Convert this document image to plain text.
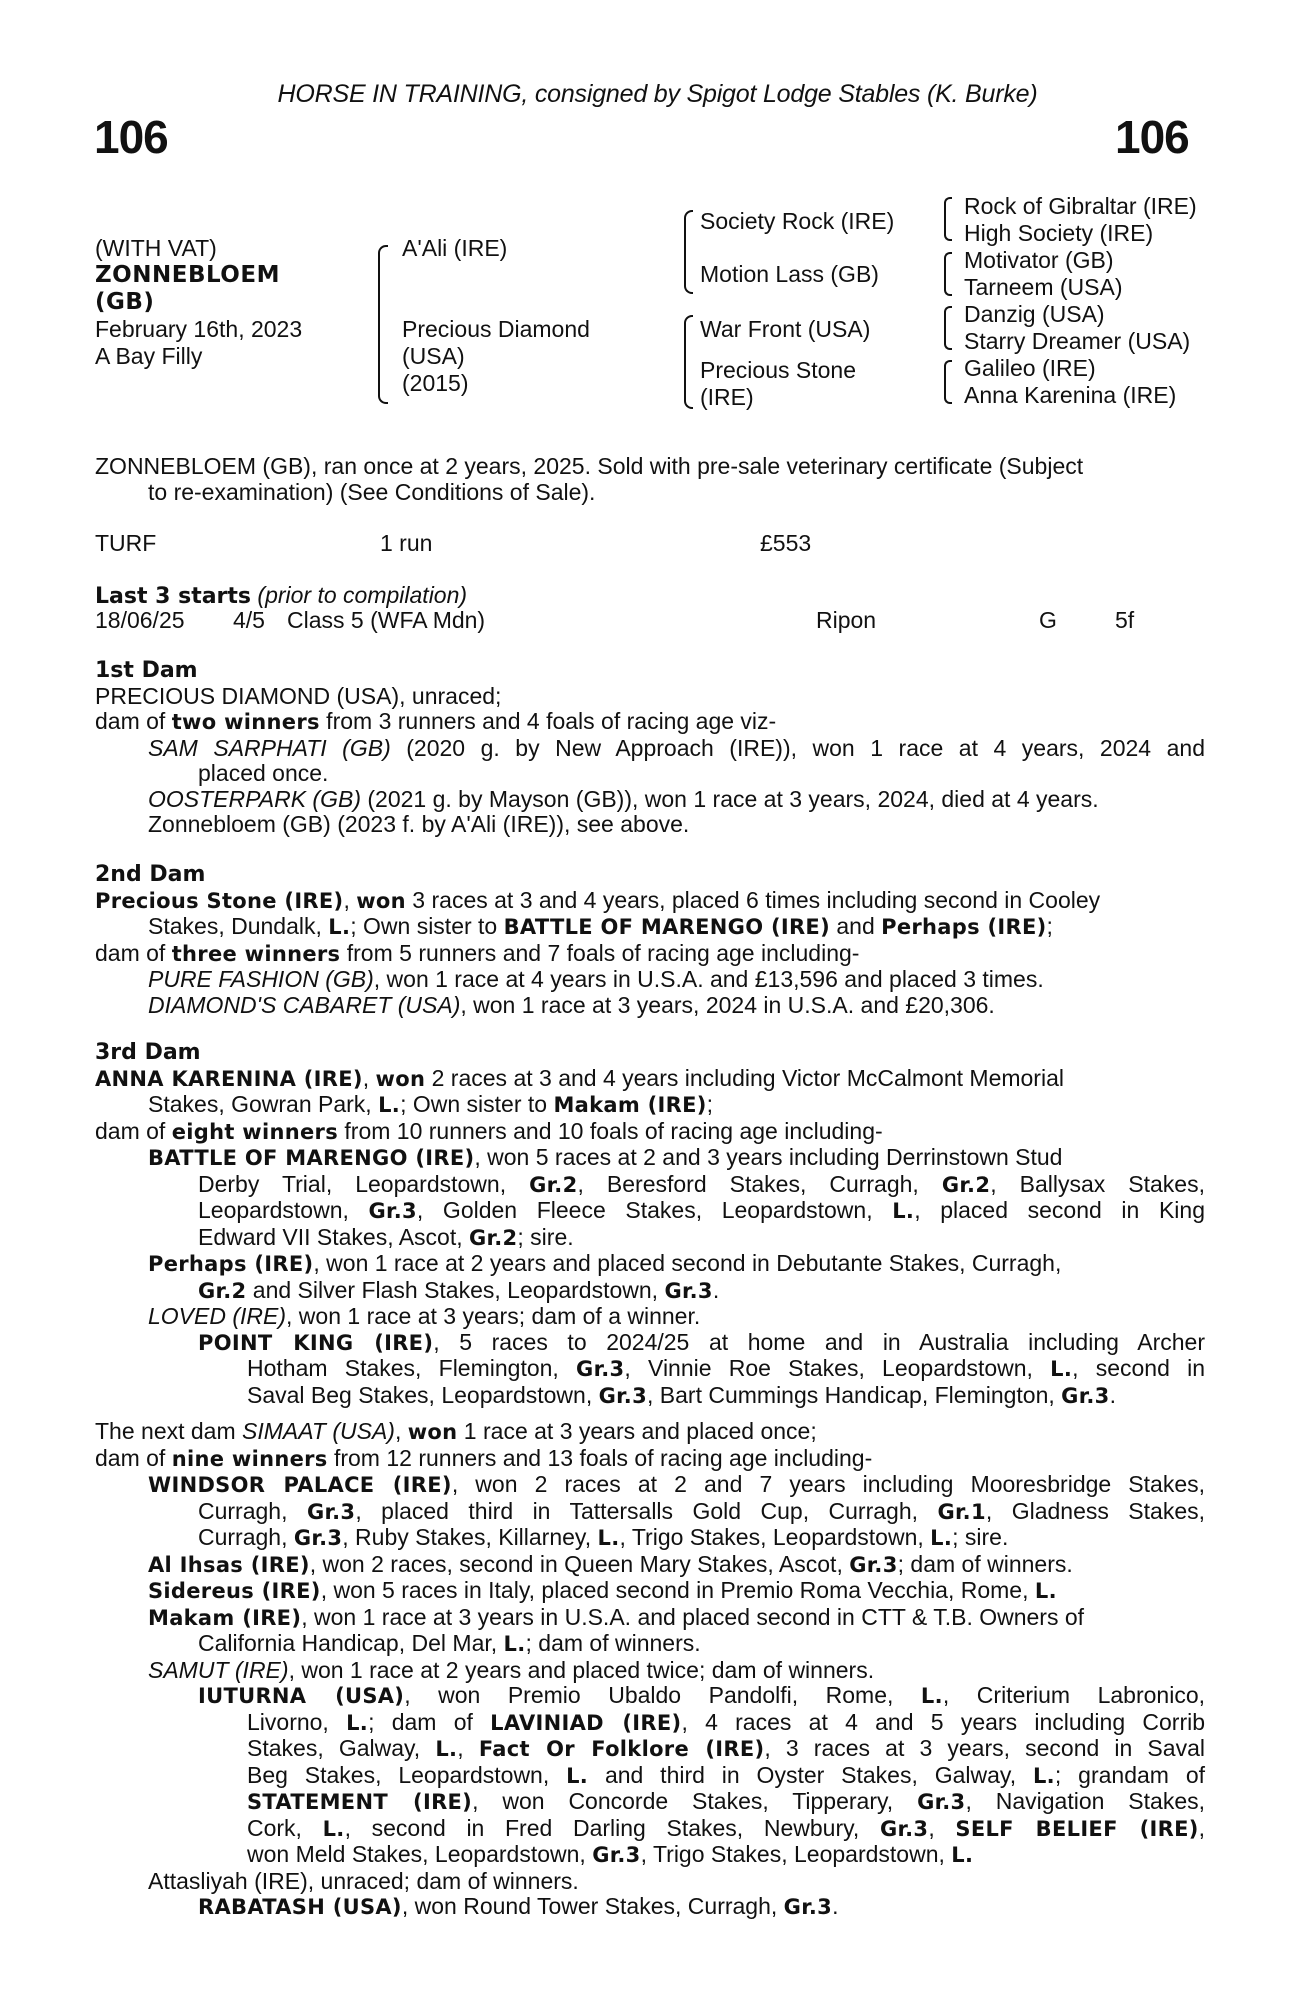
HORSE IN TRAINING, consigned by Spigot Lodge Stables (K. Burke)
106	106
(WITH VAT)
ZONNEBLOEM
(GB)
February 16th, 2023
A Bay Filly
A'Ali (IRE)
Precious Diamond
(USA)
(2015)
Society Rock (IRE)
Motion Lass (GB)
War Front (USA)
Precious Stone
(IRE)
Rock of Gibraltar (IRE)
High Society (IRE)
Motivator (GB)
Tarneem (USA)
Danzig (USA)
Starry Dreamer (USA)
Galileo (IRE)
Anna Karenina (IRE)
ZONNEBLOEM (GB), ran once at 2 years, 2025. Sold with pre-sale veterinary certificate (Subject
to re-examination) (See Conditions of Sale).
TURF	1 run	£553
Last 3 starts (prior to compilation)
18/06/25 4/5 Class 5 (WFA Mdn)	Ripon	G	5f
1st Dam
PRECIOUS DIAMOND (USA), unraced;
dam of two winners from 3 runners and 4 foals of racing age viz-
SAM SARPHATI (GB) (2020 g. by New Approach (IRE)), won 1 race at 4 years, 2024 and
placed once.
OOSTERPARK (GB) (2021 g. by Mayson (GB)), won 1 race at 3 years, 2024, died at 4 years.
Zonnebloem (GB) (2023 f. by A'Ali (IRE)), see above.
2nd Dam
Precious Stone (IRE), won 3 races at 3 and 4 years, placed 6 times including second in Cooley
Stakes, Dundalk, L.; Own sister to BATTLE OF MARENGO (IRE) and Perhaps (IRE);
dam of three winners from 5 runners and 7 foals of racing age including-
PURE FASHION (GB), won 1 race at 4 years in U.S.A. and £13,596 and placed 3 times.
DIAMOND'S CABARET (USA), won 1 race at 3 years, 2024 in U.S.A. and £20,306.
3rd Dam
ANNA KARENINA (IRE), won 2 races at 3 and 4 years including Victor McCalmont Memorial
Stakes, Gowran Park, L.; Own sister to Makam (IRE);
dam of eight winners from 10 runners and 10 foals of racing age including-
BATTLE OF MARENGO (IRE), won 5 races at 2 and 3 years including Derrinstown Stud
Derby Trial, Leopardstown, Gr.2, Beresford Stakes, Curragh, Gr.2, Ballysax Stakes,
Leopardstown, Gr.3, Golden Fleece Stakes, Leopardstown, L., placed second in King
Edward VII Stakes, Ascot, Gr.2; sire.
Perhaps (IRE), won 1 race at 2 years and placed second in Debutante Stakes, Curragh,
Gr.2 and Silver Flash Stakes, Leopardstown, Gr.3.
LOVED (IRE), won 1 race at 3 years; dam of a winner.
POINT KING (IRE), 5 races to 2024/25 at home and in Australia including Archer
Hotham Stakes, Flemington, Gr.3, Vinnie Roe Stakes, Leopardstown, L., second in
Saval Beg Stakes, Leopardstown, Gr.3, Bart Cummings Handicap, Flemington, Gr.3.
The next dam SIMAAT (USA), won 1 race at 3 years and placed once;
dam of nine winners from 12 runners and 13 foals of racing age including-
WINDSOR PALACE (IRE), won 2 races at 2 and 7 years including Mooresbridge Stakes,
Curragh, Gr.3, placed third in Tattersalls Gold Cup, Curragh, Gr.1, Gladness Stakes,
Curragh, Gr.3, Ruby Stakes, Killarney, L., Trigo Stakes, Leopardstown, L.; sire.
Al Ihsas (IRE), won 2 races, second in Queen Mary Stakes, Ascot, Gr.3; dam of winners.
Sidereus (IRE), won 5 races in Italy, placed second in Premio Roma Vecchia, Rome, L.
Makam (IRE), won 1 race at 3 years in U.S.A. and placed second in CTT & T.B. Owners of
California Handicap, Del Mar, L.; dam of winners.
SAMUT (IRE), won 1 race at 2 years and placed twice; dam of winners.
IUTURNA (USA), won Premio Ubaldo Pandolfi, Rome, L., Criterium Labronico,
Livorno, L.; dam of LAVINIAD (IRE), 4 races at 4 and 5 years including Corrib
Stakes, Galway, L., Fact Or Folklore (IRE), 3 races at 3 years, second in Saval
Beg Stakes, Leopardstown, L. and third in Oyster Stakes, Galway, L.; grandam of
STATEMENT (IRE), won Concorde Stakes, Tipperary, Gr.3, Navigation Stakes,
Cork, L., second in Fred Darling Stakes, Newbury, Gr.3, SELF BELIEF (IRE),
won Meld Stakes, Leopardstown, Gr.3, Trigo Stakes, Leopardstown, L.
Attasliyah (IRE), unraced; dam of winners.
RABATASH (USA), won Round Tower Stakes, Curragh, Gr.3.
